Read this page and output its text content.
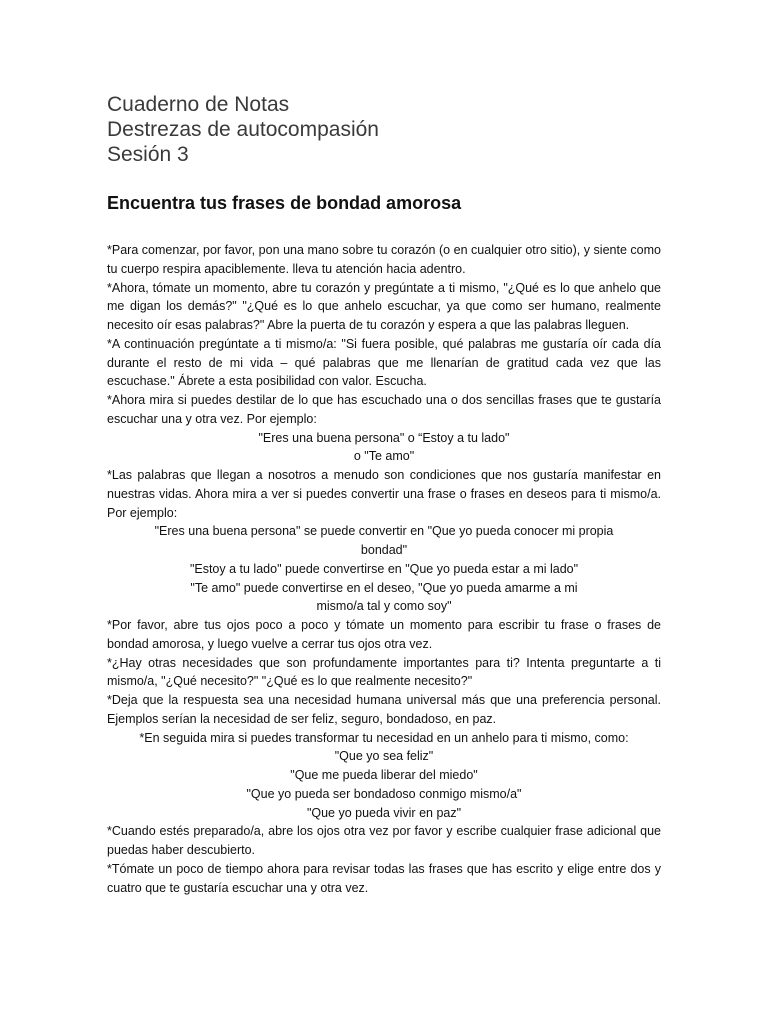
Cuaderno de Notas
Destrezas de autocompasión
Sesión 3
Encuentra tus frases de bondad amorosa

*Para comenzar, por favor, pon una mano sobre tu corazón (o en cualquier otro sitio), y siente como tu cuerpo respira apaciblemente. lleva tu atención hacia adentro.

*Ahora, tómate un momento, abre tu corazón y pregúntate a ti mismo, "¿Qué es lo que anhelo que me digan los demás?" "¿Qué es lo que anhelo escuchar, ya que como ser humano, realmente necesito oír esas palabras?" Abre la puerta de tu corazón y espera a que las palabras lleguen.

*A continuación pregúntate a ti mismo/a: "Si fuera posible, qué palabras me gustaría oír cada día durante el resto de mi vida – qué palabras que me llenarían de gratitud cada vez que las escuchase." Ábrete a esta posibilidad con valor. Escucha.

*Ahora mira si puedes destilar de lo que has escuchado una o dos sencillas frases que te gustaría escuchar una y otra vez. Por ejemplo:

"Eres una buena persona" o “Estoy a tu lado"

o "Te amo"

*Las palabras que llegan a nosotros a menudo son condiciones que nos gustaría manifestar en nuestras vidas. Ahora mira a ver si puedes convertir una frase o frases en deseos para ti mismo/a. Por ejemplo:

"Eres una buena persona" se puede convertir en "Que yo pueda conocer mi propia bondad"

"Estoy a tu lado" puede convertirse en "Que yo pueda estar a mi lado"

"Te amo" puede convertirse en el deseo, "Que yo pueda amarme a mi mismo/a tal y como soy"

*Por favor, abre tus ojos poco a poco y tómate un momento para escribir tu frase o frases de bondad amorosa, y luego vuelve a cerrar tus ojos otra vez.

*¿Hay otras necesidades que son profundamente importantes para ti? Intenta preguntarte a ti mismo/a, "¿Qué necesito?" "¿Qué es lo que realmente necesito?"

*Deja que la respuesta sea una necesidad humana universal más que una preferencia personal. Ejemplos serían la necesidad de ser feliz, seguro, bondadoso, en paz.

*En seguida mira si puedes transformar tu necesidad en un anhelo para ti mismo, como:

"Que yo sea feliz"

"Que me pueda liberar del miedo"

"Que yo pueda ser bondadoso conmigo mismo/a"

"Que yo pueda vivir en paz"

*Cuando estés preparado/a, abre los ojos otra vez por favor y escribe cualquier frase adicional que puedas haber descubierto.

*Tómate un poco de tiempo ahora para revisar todas las frases que has escrito y elige entre dos y cuatro que te gustaría escuchar una y otra vez.
